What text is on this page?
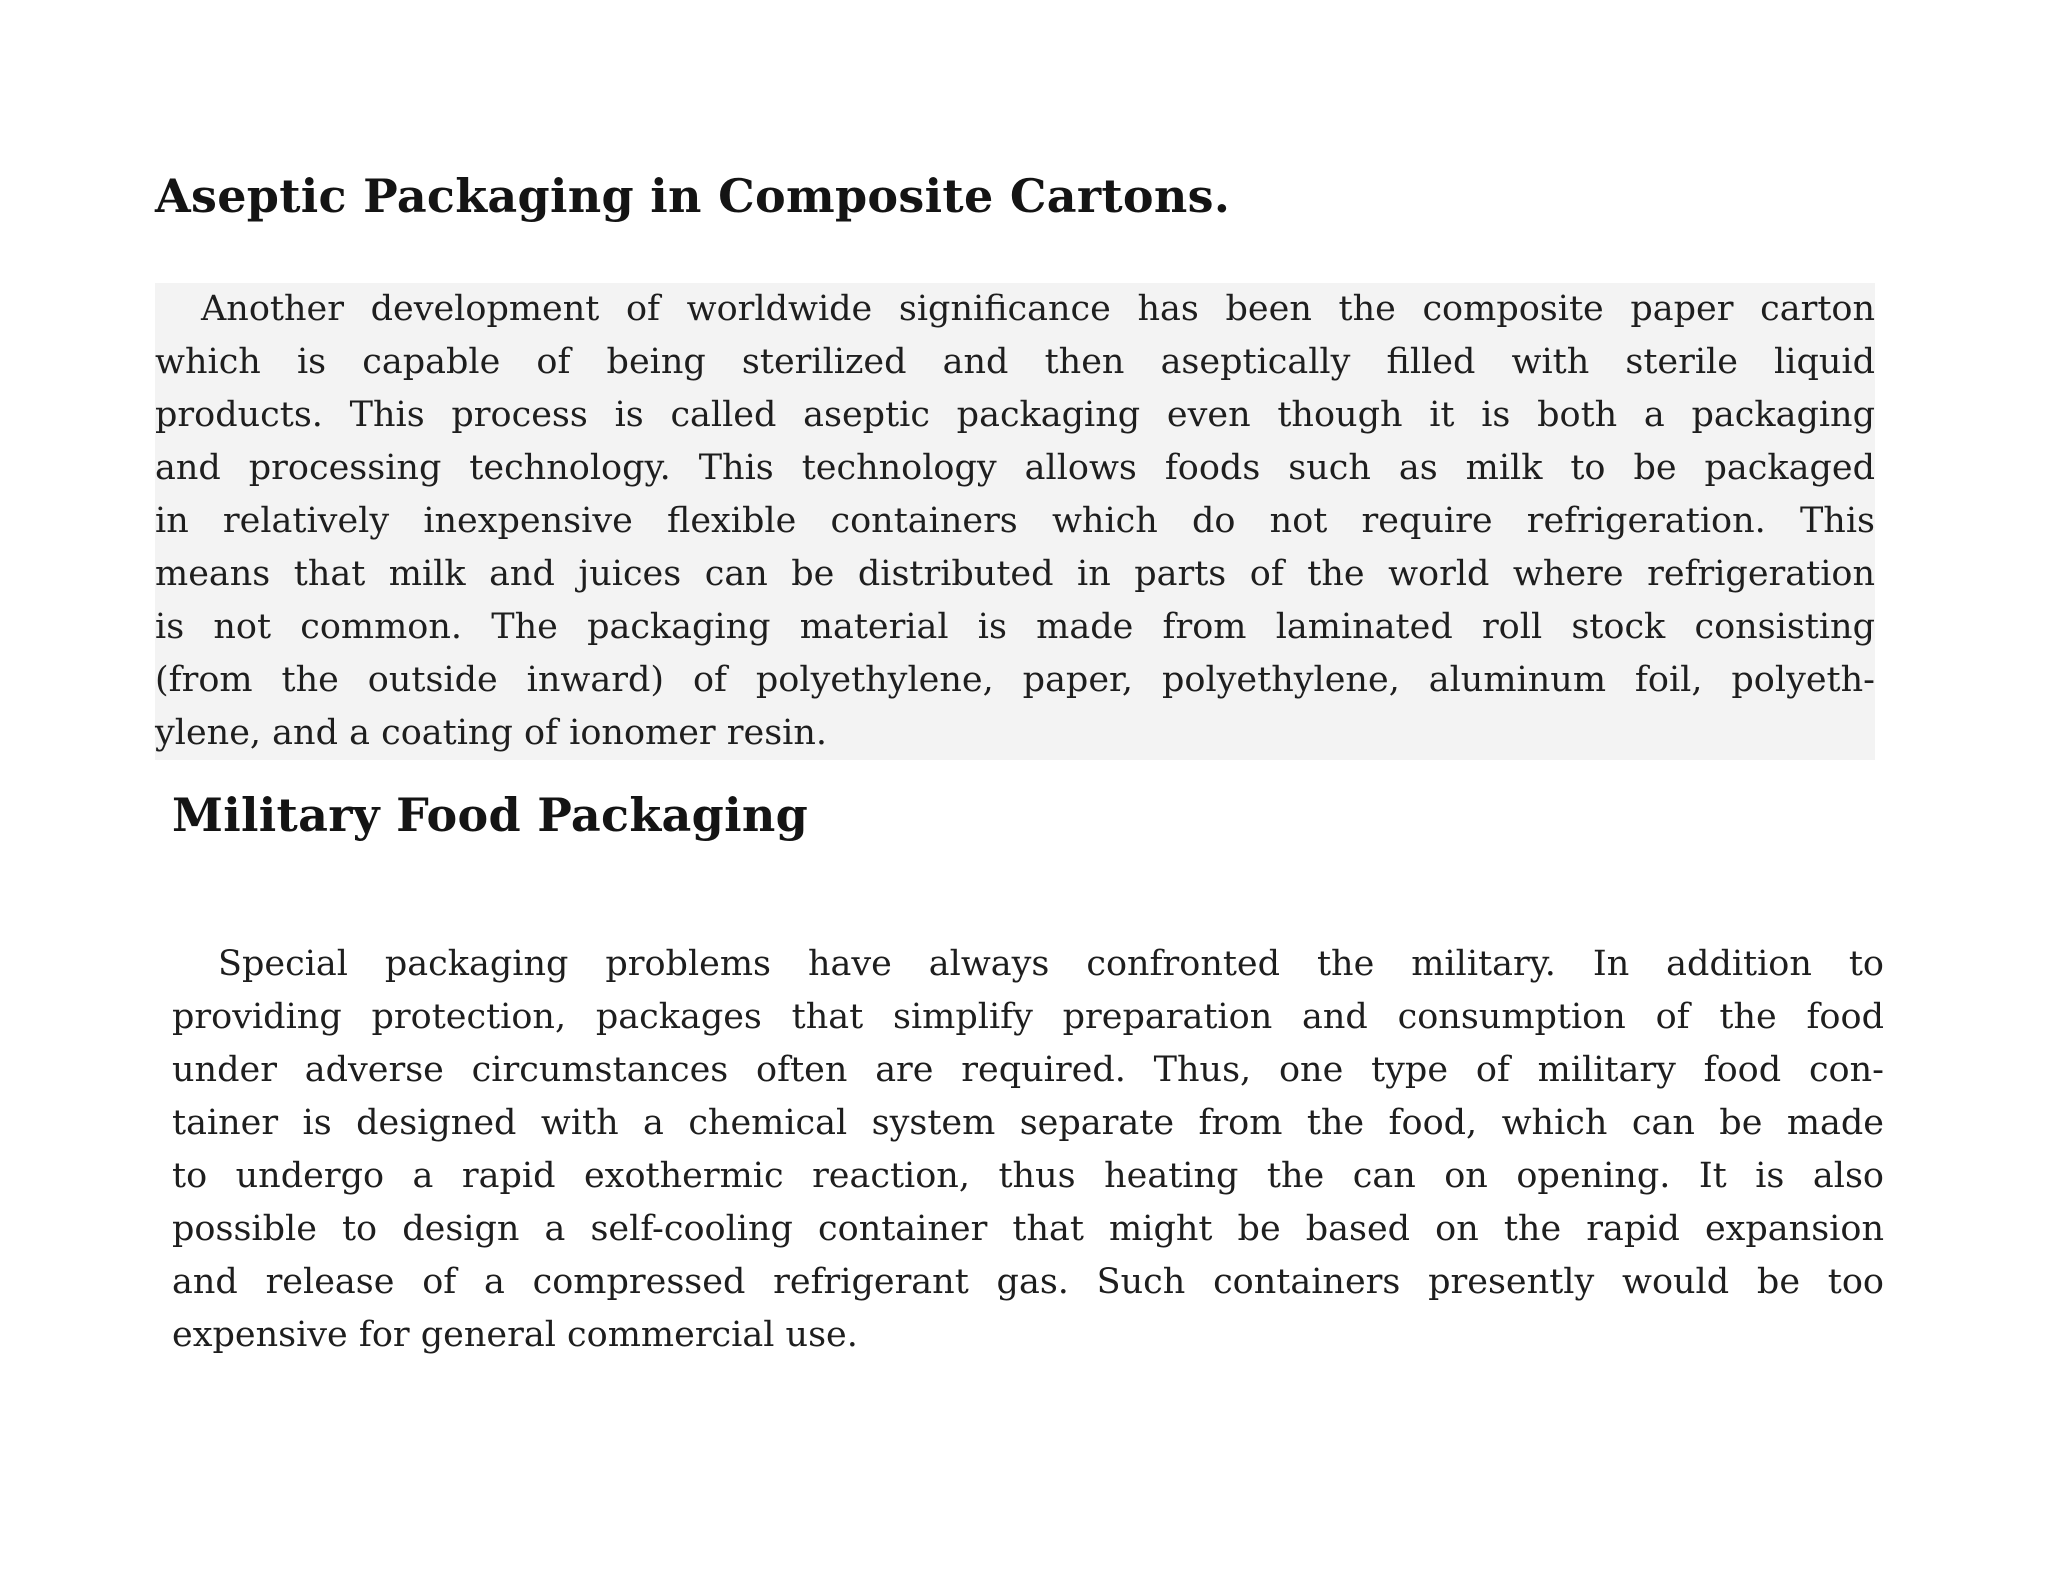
Aseptic Packaging in Composite Cartons.

Another development of worldwide significance has been the composite paper carton
which is capable of being sterilized and then aseptically filled with sterile liquid
products. This process is called aseptic packaging even though it is both a packaging
and processing technology. This technology allows foods such as milk to be packaged
in relatively inexpensive flexible containers which do not require refrigeration. This
means that milk and juices can be distributed in parts of the world where refrigeration
is not common. The packaging material is made from laminated roll stock consisting
(from the outside inward) of polyethylene, paper, polyethylene, aluminum foil, polyeth-
ylene, and a coating of ionomer resin.

Military Food Packaging

Special packaging problems have always confronted the military. In addition to
providing protection, packages that simplify preparation and consumption of the food
under adverse circumstances often are required. Thus, one type of military food con-
tainer is designed with a chemical system separate from the food, which can be made
to undergo a rapid exothermic reaction, thus heating the can on opening. It is also
possible to design a self-cooling container that might be based on the rapid expansion
and release of a compressed refrigerant gas. Such containers presently would be too
expensive for general commercial use.
